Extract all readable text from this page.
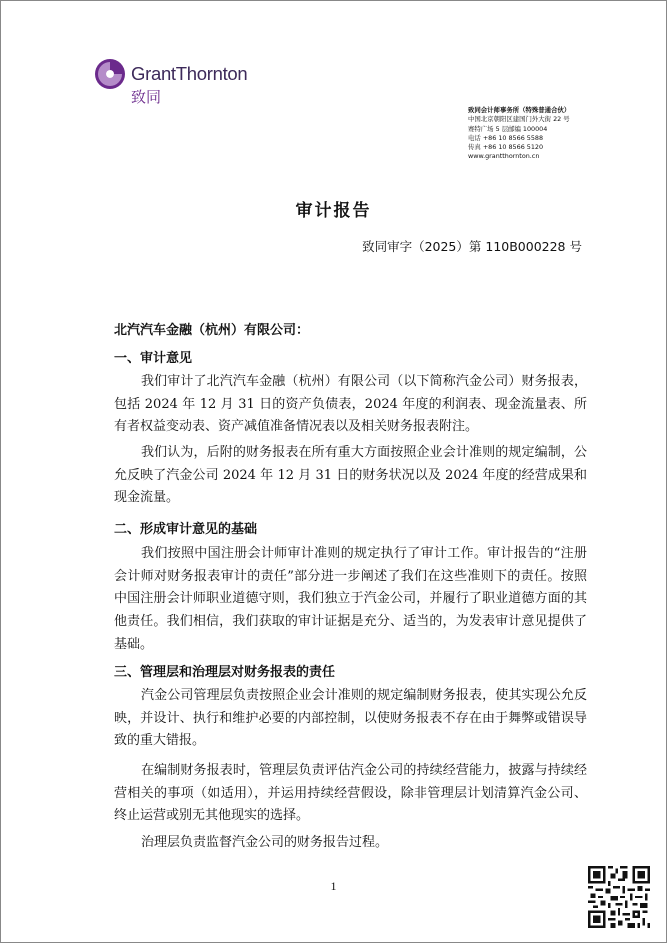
GrantThornton
致同
致同会计师事务所（特殊普通合伙）
中国北京朝阳区建国门外大街 22 号
赛特广场 5 层邮编 100004
电话 +86 10 8566 5588
传真 +86 10 8566 5120
www.grantthornton.cn
审计报告
致同审字（2025）第 110B000228 号
北汽汽车金融（杭州）有限公司：
一、审计意见

我们审计了北汽汽车金融（杭州）有限公司（以下简称汽金公司）财务报表，包括 2024 年 12 月 31 日的资产负债表，2024 年度的利润表、现金流量表、所有者权益变动表、资产减值准备情况表以及相关财务报表附注。

我们认为，后附的财务报表在所有重大方面按照企业会计准则的规定编制，公允反映了汽金公司 2024 年 12 月 31 日的财务状况以及 2024 年度的经营成果和现金流量。

二、形成审计意见的基础

我们按照中国注册会计师审计准则的规定执行了审计工作。审计报告的“注册会计师对财务报表审计的责任”部分进一步阐述了我们在这些准则下的责任。按照中国注册会计师职业道德守则，我们独立于汽金公司，并履行了职业道德方面的其他责任。我们相信，我们获取的审计证据是充分、适当的，为发表审计意见提供了基础。

三、管理层和治理层对财务报表的责任

汽金公司管理层负责按照企业会计准则的规定编制财务报表，使其实现公允反映，并设计、执行和维护必要的内部控制，以使财务报表不存在由于舞弊或错误导致的重大错报。

在编制财务报表时，管理层负责评估汽金公司的持续经营能力，披露与持续经营相关的事项（如适用），并运用持续经营假设，除非管理层计划清算汽金公司、终止运营或别无其他现实的选择。

治理层负责监督汽金公司的财务报告过程。

1
